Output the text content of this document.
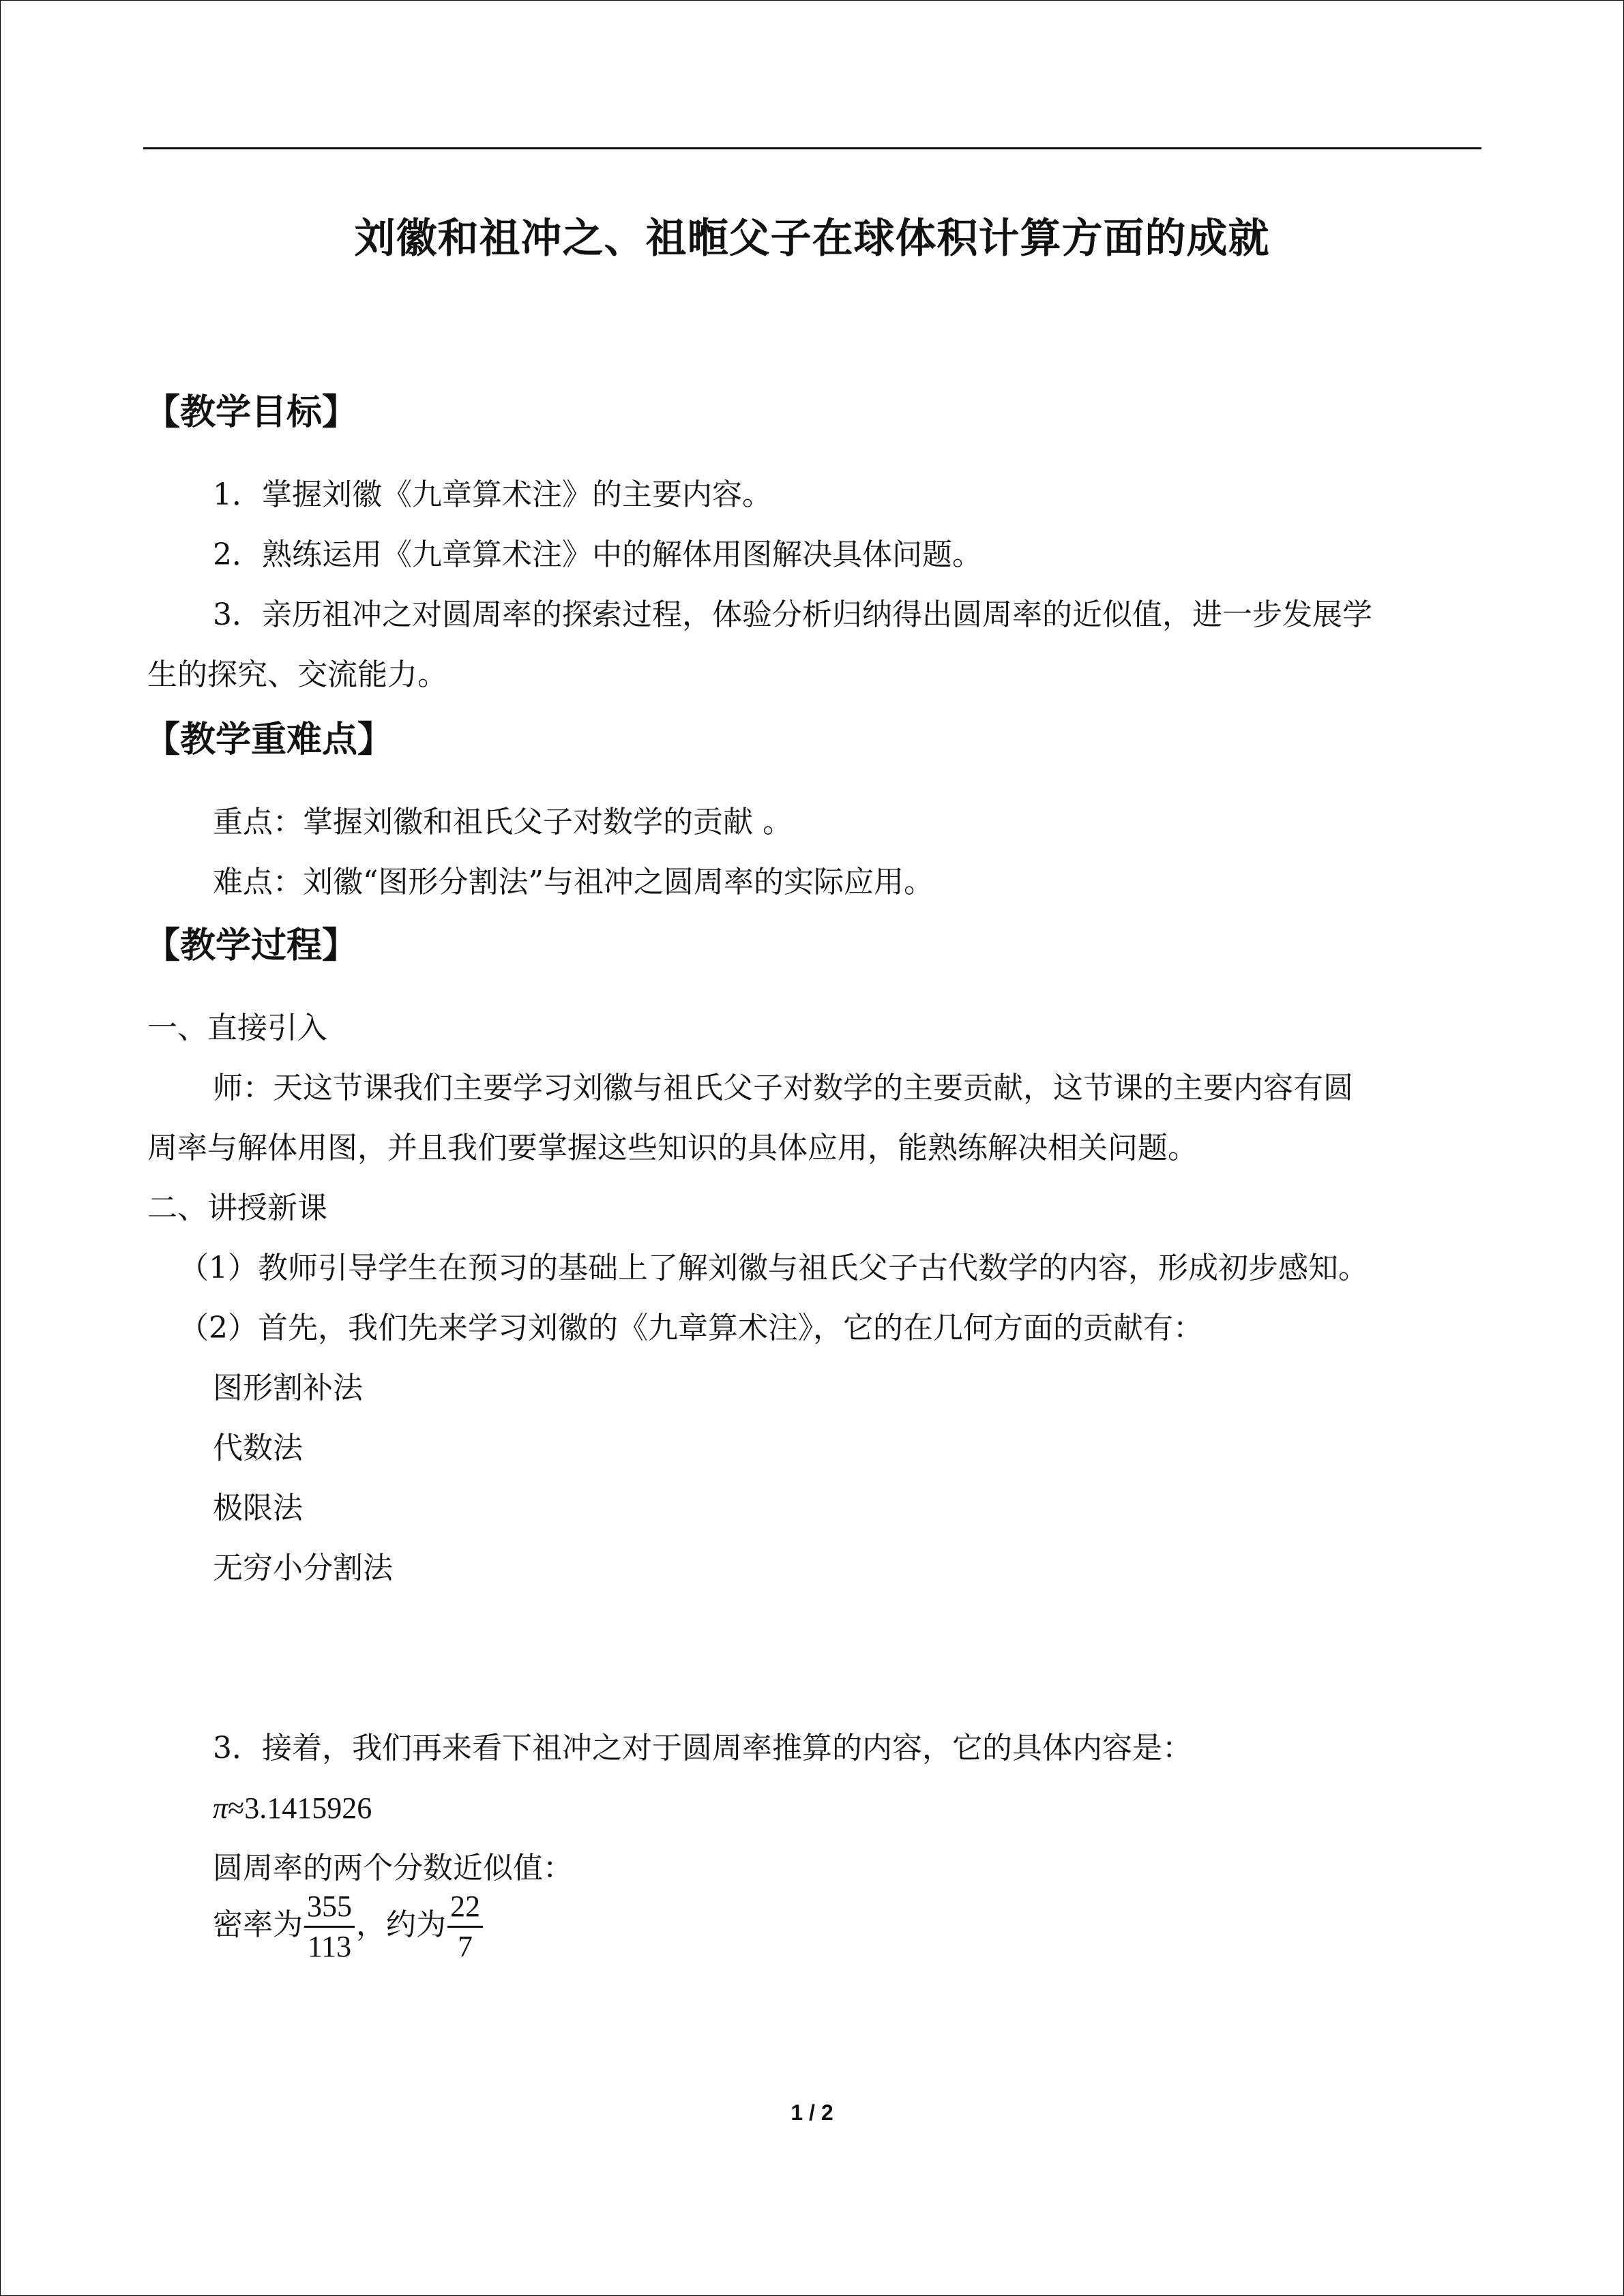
刘徽和祖冲之、祖暅父子在球体积计算方面的成就
【教学目标】
1．掌握刘徽《九章算术注》的主要内容。
2．熟练运用《九章算术注》中的解体用图解决具体问题。
3．亲历祖冲之对圆周率的探索过程，体验分析归纳得出圆周率的近似值，进一步发展学
生的探究、交流能力。
【教学重难点】
重点：掌握刘徽和祖氏父子对数学的贡献 。
难点：刘徽“图形分割法”与祖冲之圆周率的实际应用。
【教学过程】
一、直接引入
师：天这节课我们主要学习刘徽与祖氏父子对数学的主要贡献，这节课的主要内容有圆
周率与解体用图，并且我们要掌握这些知识的具体应用，能熟练解决相关问题。
二、讲授新课
（1）教师引导学生在预习的基础上了解刘徽与祖氏父子古代数学的内容，形成初步感知。
（2）首先，我们先来学习刘徽的《九章算术注》，它的在几何方面的贡献有：
图形割补法
代数法
极限法
无穷小分割法
3．接着，我们再来看下祖冲之对于圆周率推算的内容，它的具体内容是：
π≈3.1415926
圆周率的两个分数近似值：
密率为 $\frac{355}{113}$ ，约为 $\frac{22}{7}$
1 / 2
